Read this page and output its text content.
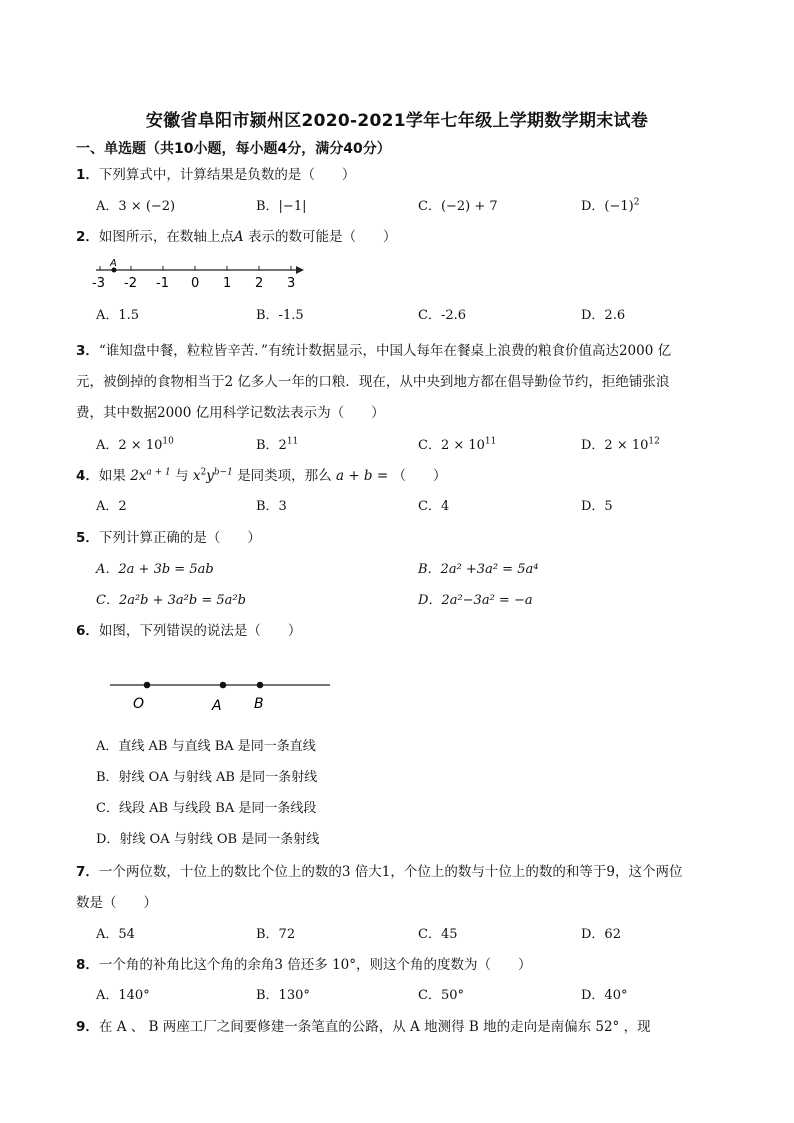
安徽省阜阳市颍州区2020-2021学年七年级上学期数学期末试卷
一、单选题（共10小题，每小题4分，满分40分）
1．下列算式中，计算结果是负数的是（　　）
A．3 × (−2)	B．|−1|	C．(−2) + 7	D．$(-1)^2$
2．如图所示，在数轴上点A 表示的数可能是（　　）
A
-3 -2 -1 0 1 2 3
A．1.5	B．-1.5	C．-2.6	D．2.6
3．“谁知盘中餐，粒粒皆辛苦．”有统计数据显示，中国人每年在餐桌上浪费的粮食价值高达2000 亿
元，被倒掉的食物相当于2 亿多人一年的口粮．现在，从中央到地方都在倡导勤俭节约，拒绝铺张浪
费，其中数据2000 亿用科学记数法表示为（　　）
A．$2 \times 10^{10}$	B．$2^{11}$	C．$2 \times 10^{11}$	D．$2 \times 10^{12}$
4．如果 $2x^{a + 1}$ 与 $x^2y^{b-1}$ 是同类项，那么 a + b = （　　）
A．2	B．3	C．4	D．5
5．下列计算正确的是（　　）
A．2a + 3b = 5ab	B．2a² +3a² = 5a⁴
C．2a²b + 3a²b = 5a²b	D．2a²−3a² = −a
6．如图，下列错误的说法是（　　）
O	A B
A．直线 AB 与直线 BA 是同一条直线
B．射线 OA 与射线 AB 是同一条射线
C．线段 AB 与线段 BA 是同一条线段
D．射线 OA 与射线 OB 是同一条射线
7．一个两位数，十位上的数比个位上的数的3 倍大1，个位上的数与十位上的数的和等于9，这个两位
数是（　　）
A．54	B．72	C．45	D．62
8．一个角的补角比这个角的余角3 倍还多 10°，则这个角的度数为（　　）
A．140°	B．130°	C．50°	D．40°
9．在 A 、 B 两座工厂之间要修建一条笔直的公路，从 A 地测得 B 地的走向是南偏东 52° ，现
